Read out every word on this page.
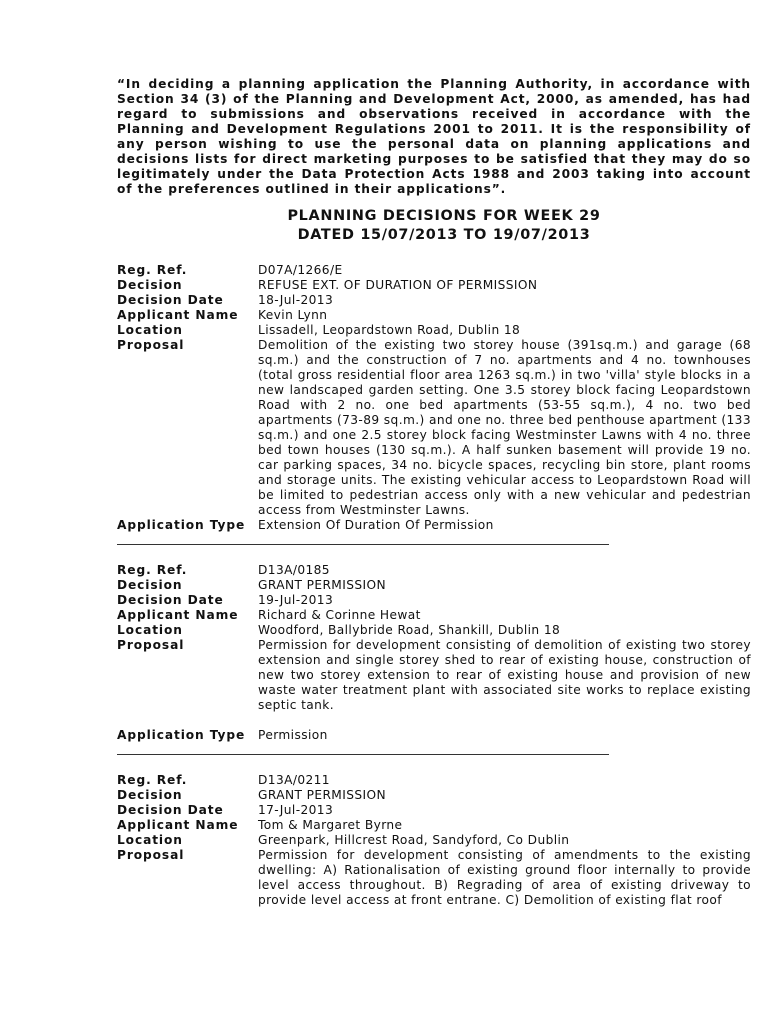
“In deciding a planning application the Planning Authority, in accordance with Section 34 (3) of the Planning and Development Act, 2000, as amended, has had regard to submissions and observations received in accordance with the Planning and Development Regulations 2001 to 2011. It is the responsibility of any person wishing to use the personal data on planning applications and decisions lists for direct marketing purposes to be satisfied that they may do so legitimately under the Data Protection Acts 1988 and 2003 taking into account of the preferences outlined in their applications”.

PLANNING DECISIONS FOR WEEK 29
DATED 15/07/2013 TO 19/07/2013
Reg. Ref.	D07A/1266/E
Decision	REFUSE EXT. OF DURATION OF PERMISSION
Decision Date	18-Jul-2013
Applicant Name	Kevin Lynn
Location	Lissadell, Leopardstown Road, Dublin 18
Proposal	Demolition of the existing two storey house (391sq.m.) and garage (68 sq.m.) and the construction of 7 no. apartments and 4 no. townhouses (total gross residential floor area 1263 sq.m.) in two 'villa' style blocks in a new landscaped garden setting. One 3.5 storey block facing Leopardstown Road with 2 no. one bed apartments (53-55 sq.m.), 4 no. two bed apartments (73-89 sq.m.) and one no. three bed penthouse apartment (133 sq.m.) and one 2.5 storey block facing Westminster Lawns with 4 no. three bed town houses (130 sq.m.). A half sunken basement will provide 19 no. car parking spaces, 34 no. bicycle spaces, recycling bin store, plant rooms and storage units. The existing vehicular access to Leopardstown Road will be limited to pedestrian access only with a new vehicular and pedestrian access from Westminster Lawns.
Application Type	Extension Of Duration Of Permission
Reg. Ref.	D13A/0185
Decision	GRANT PERMISSION
Decision Date	19-Jul-2013
Applicant Name	Richard & Corinne Hewat
Location	Woodford, Ballybride Road, Shankill, Dublin 18
Proposal	Permission for development consisting of demolition of existing two storey extension and single storey shed to rear of existing house, construction of new two storey extension to rear of existing house and provision of new waste water treatment plant with associated site works to replace existing septic tank.
Application Type	Permission
Reg. Ref.	D13A/0211
Decision	GRANT PERMISSION
Decision Date	17-Jul-2013
Applicant Name	Tom & Margaret Byrne
Location	Greenpark, Hillcrest Road, Sandyford, Co Dublin
Proposal	Permission for development consisting of amendments to the existing dwelling: A) Rationalisation of existing ground floor internally to provide level access throughout. B) Regrading of area of existing driveway to provide level access at front entrane. C) Demolition of existing flat roof
